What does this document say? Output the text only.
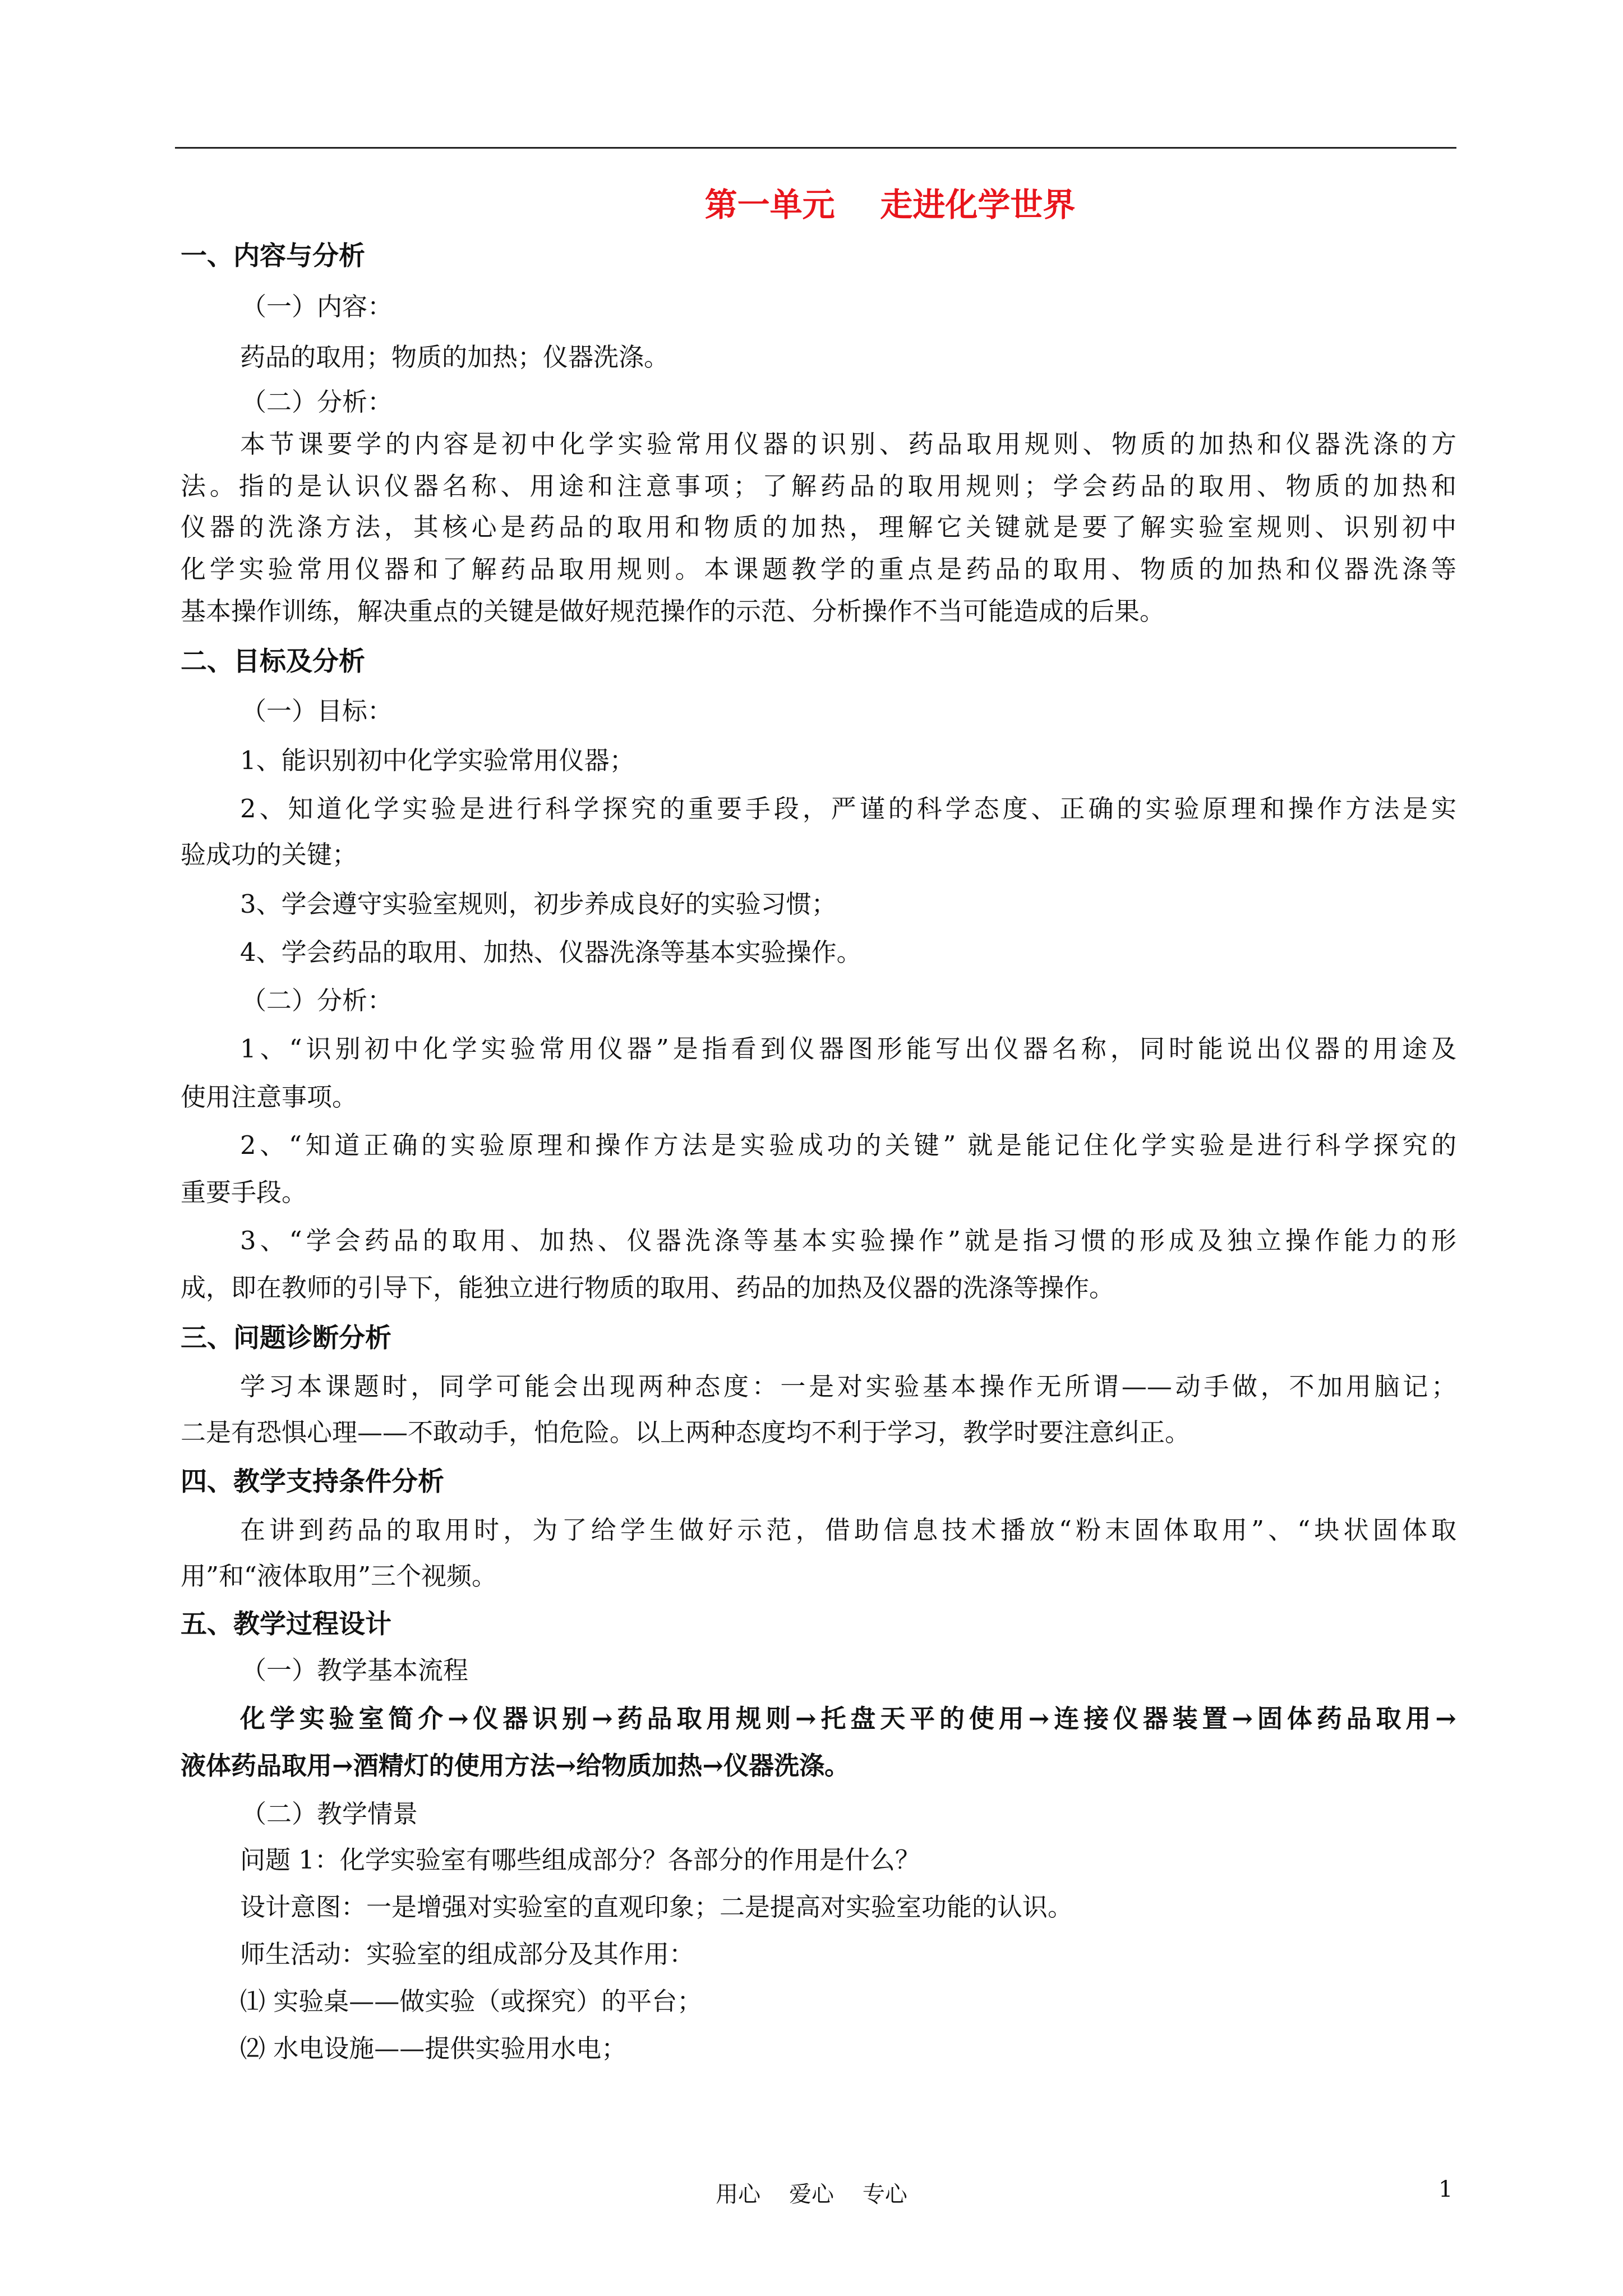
第一单元    走进化学世界
一、内容与分析
（一）内容：
药品的取用；物质的加热；仪器洗涤。
（二）分析：
本节课要学的内容是初中化学实验常用仪器的识别、药品取用规则、物质的加热和仪器洗涤的方
法。指的是认识仪器名称、用途和注意事项；了解药品的取用规则；学会药品的取用、物质的加热和
仪器的洗涤方法，其核心是药品的取用和物质的加热，理解它关键就是要了解实验室规则、识别初中
化学实验常用仪器和了解药品取用规则。本课题教学的重点是药品的取用、物质的加热和仪器洗涤等
基本操作训练，解决重点的关键是做好规范操作的示范、分析操作不当可能造成的后果。
二、目标及分析
（一）目标：
1、能识别初中化学实验常用仪器；
2、知道化学实验是进行科学探究的重要手段，严谨的科学态度、正确的实验原理和操作方法是实
验成功的关键；
3、学会遵守实验室规则，初步养成良好的实验习惯；
4、学会药品的取用、加热、仪器洗涤等基本实验操作。
（二）分析：
1、“识别初中化学实验常用仪器”是指看到仪器图形能写出仪器名称，同时能说出仪器的用途及
使用注意事项。
2、“知道正确的实验原理和操作方法是实验成功的关键” 就是能记住化学实验是进行科学探究的
重要手段。
3、“学会药品的取用、加热、仪器洗涤等基本实验操作”就是指习惯的形成及独立操作能力的形
成，即在教师的引导下，能独立进行物质的取用、药品的加热及仪器的洗涤等操作。
三、问题诊断分析
学习本课题时，同学可能会出现两种态度：一是对实验基本操作无所谓——动手做，不加用脑记；
二是有恐惧心理——不敢动手，怕危险。以上两种态度均不利于学习，教学时要注意纠正。
四、教学支持条件分析
在讲到药品的取用时，为了给学生做好示范，借助信息技术播放“粉末固体取用”、“块状固体取
用”和“液体取用”三个视频。
五、教学过程设计
（一）教学基本流程
化学实验室简介→仪器识别→药品取用规则→托盘天平的使用→连接仪器装置→固体药品取用→
液体药品取用→酒精灯的使用方法→给物质加热→仪器洗涤。
（二）教学情景
问题 1：化学实验室有哪些组成部分？各部分的作用是什么？
设计意图：一是增强对实验室的直观印象；二是提高对实验室功能的认识。
师生活动：实验室的组成部分及其作用：
⑴ 实验桌——做实验（或探究）的平台；
⑵ 水电设施——提供实验用水电；
用心    爱心    专心	1
